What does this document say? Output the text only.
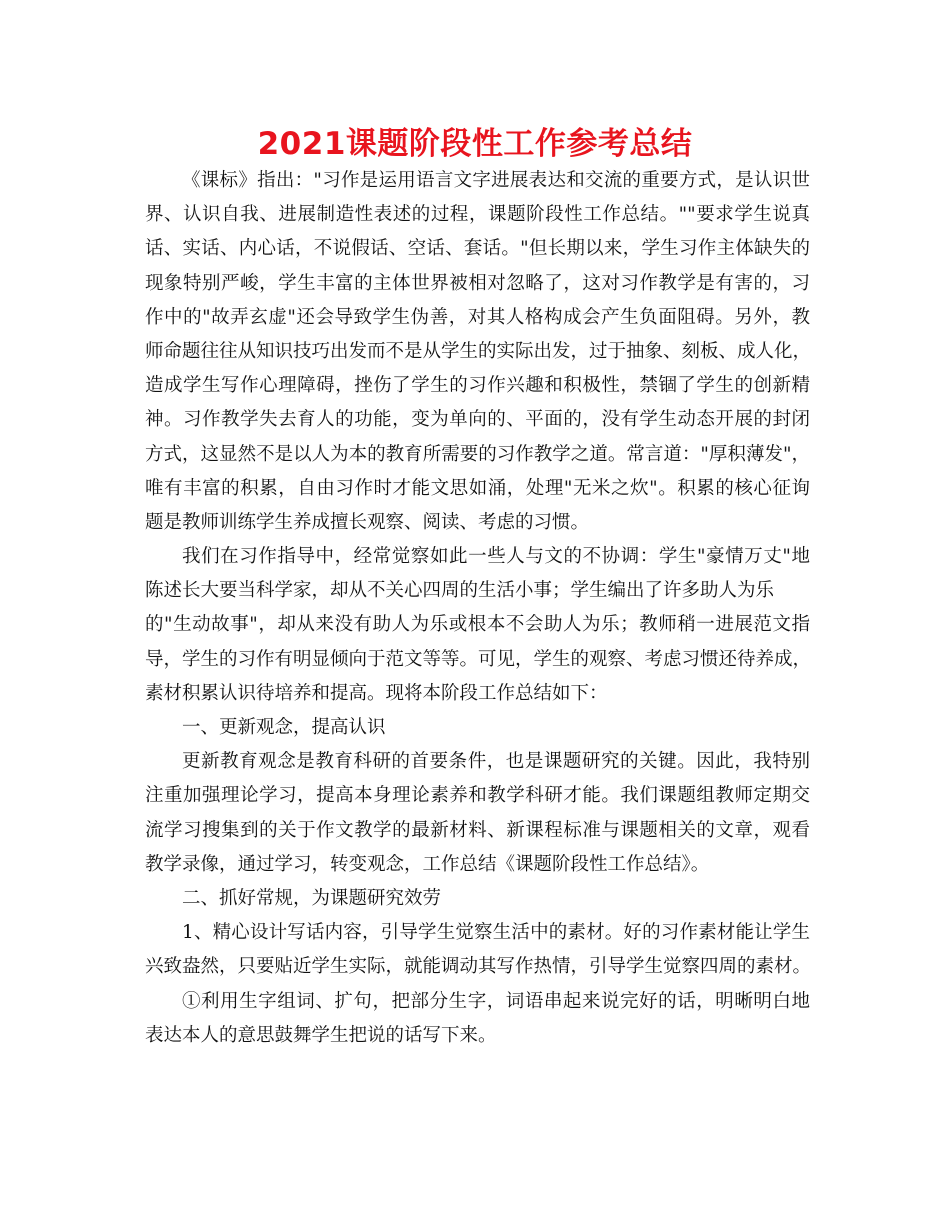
2021课题阶段性工作参考总结

《课标》指出："习作是运用语言文字进展表达和交流的重要方式，是认识世

界、认识自我、进展制造性表述的过程，课题阶段性工作总结。""要求学生说真

话、实话、内心话，不说假话、空话、套话。"但长期以来，学生习作主体缺失的

现象特别严峻，学生丰富的主体世界被相对忽略了，这对习作教学是有害的，习

作中的"故弄玄虚"还会导致学生伪善，对其人格构成会产生负面阻碍。另外，教

师命题往往从知识技巧出发而不是从学生的实际出发，过于抽象、刻板、成人化，

造成学生写作心理障碍，挫伤了学生的习作兴趣和积极性，禁锢了学生的创新精

神。习作教学失去育人的功能，变为单向的、平面的，没有学生动态开展的封闭

方式，这显然不是以人为本的教育所需要的习作教学之道。常言道："厚积薄发"，

唯有丰富的积累，自由习作时才能文思如涌，处理"无米之炊"。积累的核心征询

题是教师训练学生养成擅长观察、阅读、考虑的习惯。

我们在习作指导中，经常觉察如此一些人与文的不协调：学生"豪情万丈"地

陈述长大要当科学家，却从不关心四周的生活小事；学生编出了许多助人为乐

的"生动故事"，却从来没有助人为乐或根本不会助人为乐；教师稍一进展范文指

导，学生的习作有明显倾向于范文等等。可见，学生的观察、考虑习惯还待养成，

素材积累认识待培养和提高。现将本阶段工作总结如下：

一、更新观念，提高认识

更新教育观念是教育科研的首要条件，也是课题研究的关键。因此，我特别

注重加强理论学习，提高本身理论素养和教学科研才能。我们课题组教师定期交

流学习搜集到的关于作文教学的最新材料、新课程标准与课题相关的文章，观看

教学录像，通过学习，转变观念，工作总结《课题阶段性工作总结》。

二、抓好常规，为课题研究效劳

1、精心设计写话内容，引导学生觉察生活中的素材。好的习作素材能让学生

兴致盎然，只要贴近学生实际，就能调动其写作热情，引导学生觉察四周的素材。

①利用生字组词、扩句，把部分生字，词语串起来说完好的话，明晰明白地

表达本人的意思鼓舞学生把说的话写下来。
